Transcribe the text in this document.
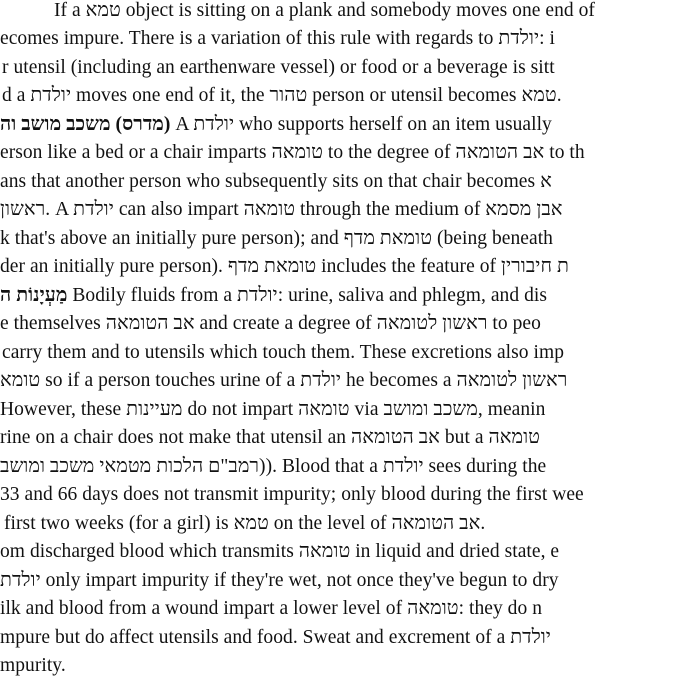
If a טמא object is sitting on a plank and somebody moves one end of
ecomes impure. There is a variation of this rule with regards to יולדת: i
r utensil (including an earthenware vessel) or food or a beverage is sitt
d a יולדת moves one end of it, the טהור person or utensil becomes טמא.
(מדרס) משכב מושב וה A יולדת who supports herself on an item usually
erson like a bed or a chair imparts טומאה to the degree of אב הטומאה to th
ans that another person who subsequently sits on that chair becomes א
ראשון. A יולדת can also impart טומאה through the medium of אבן מסמא
k that's above an initially pure person); and טומאת מדף (being beneath
der an initially pure person). טומאת מדף includes the feature of ת חיבורין
מַעְיָנוֹת ה Bodily fluids from a יולדת: urine, saliva and phlegm, and dis
e themselves אב הטומאה and create a degree of ראשון לטומאה to peo
carry them and to utensils which touch them. These excretions also imp
טומא so if a person touches urine of a יולדת he becomes a ראשון לטומאה
However, these מעיינות do not impart טומאה via משכב ומושב, meanin
rine on a chair does not make that utensil an אב הטומאה but a טומאה
(רמב"ם הלכות מטמאי משכב ומושב). Blood that a יולדת sees during the
33 and 66 days does not transmit impurity; only blood during the first wee
first two weeks (for a girl) is טמא on the level of אב הטומאה.
om discharged blood which transmits טומאה in liquid and dried state, e
יולדת only impart impurity if they're wet, not once they've begun to dry
ilk and blood from a wound impart a lower level of טומאה: they do n
mpure but do affect utensils and food. Sweat and excrement of a יולדת
mpurity.
